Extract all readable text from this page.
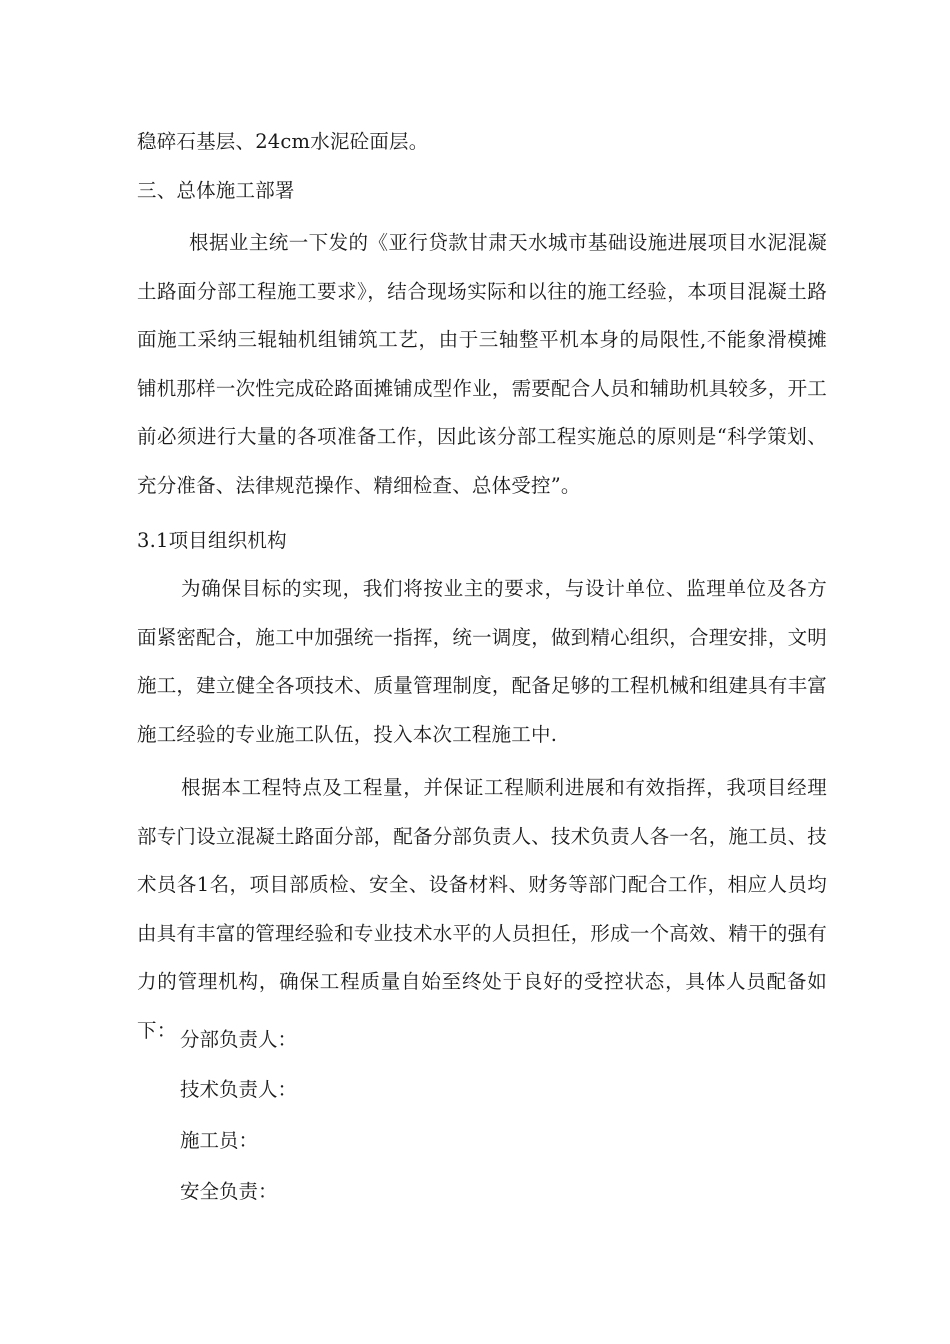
稳碎石基层、24cm水泥砼面层。
三、总体施工部署
根据业主统一下发的《亚行贷款甘肃天水城市基础设施进展项目水泥混凝土路面分部工程施工要求》，结合现场实际和以往的施工经验，本项目混凝土路面施工采纳三辊轴机组铺筑工艺，由于三轴整平机本身的局限性,不能象滑模摊铺机那样一次性完成砼路面摊铺成型作业，需要配合人员和辅助机具较多，开工前必须进行大量的各项准备工作，因此该分部工程实施总的原则是“科学策划、充分准备、法律规范操作、精细检查、总体受控”。
3.1项目组织机构
为确保目标的实现，我们将按业主的要求，与设计单位、监理单位及各方面紧密配合，施工中加强统一指挥，统一调度，做到精心组织，合理安排，文明施工，建立健全各项技术、质量管理制度，配备足够的工程机械和组建具有丰富施工经验的专业施工队伍，投入本次工程施工中.
根据本工程特点及工程量，并保证工程顺利进展和有效指挥，我项目经理部专门设立混凝土路面分部，配备分部负责人、技术负责人各一名，施工员、技术员各1名，项目部质检、安全、设备材料、财务等部门配合工作，相应人员均由具有丰富的管理经验和专业技术水平的人员担任，形成一个高效、精干的强有力的管理机构，确保工程质量自始至终处于良好的受控状态，具体人员配备如下： 分部负责人：
技术负责人：
施工员：
安全负责：
